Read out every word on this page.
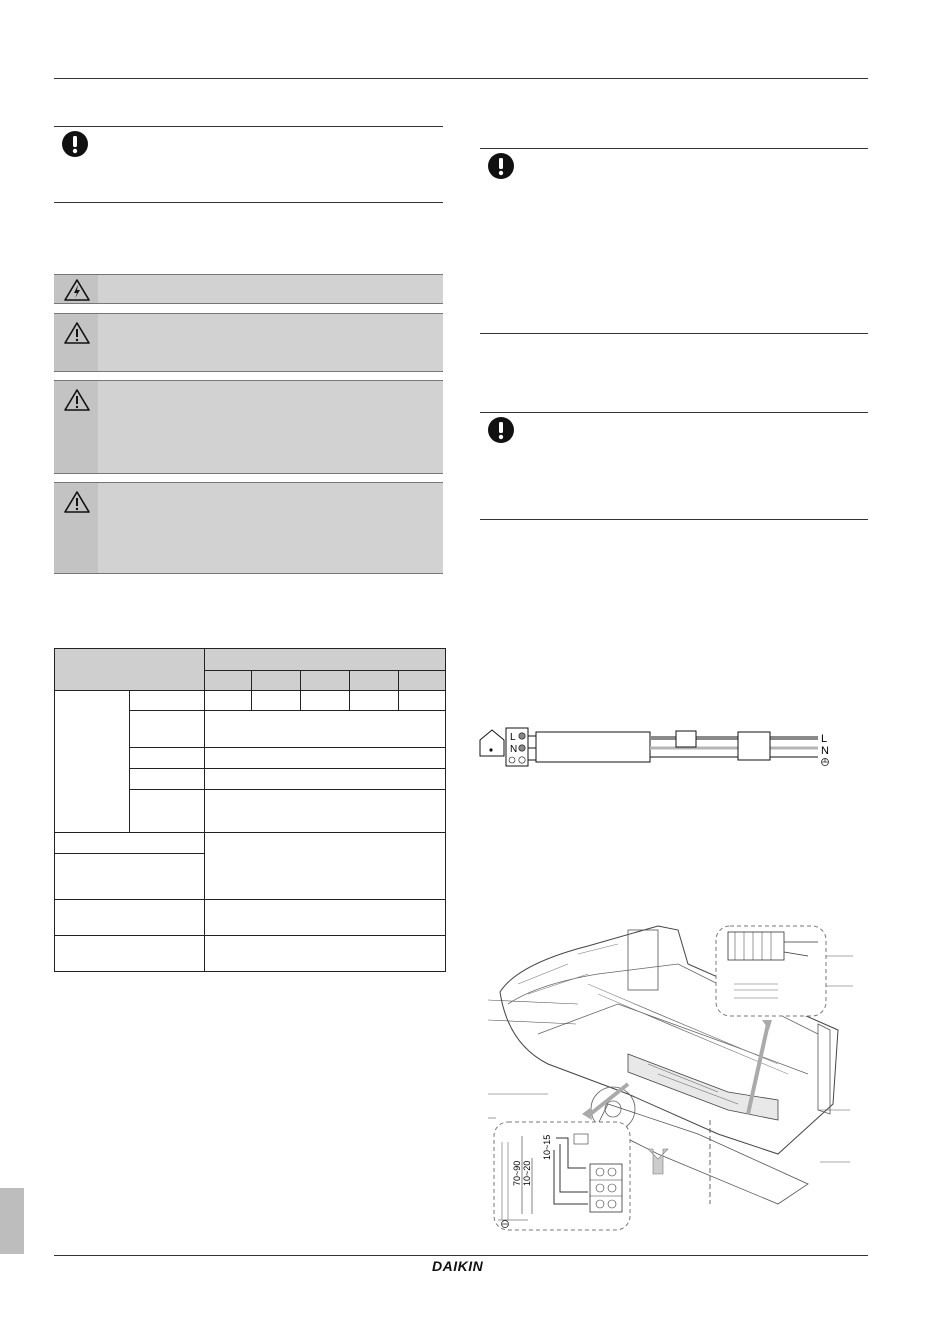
L
N
L
N
70~90 10~20
10~15
DAIKIN
